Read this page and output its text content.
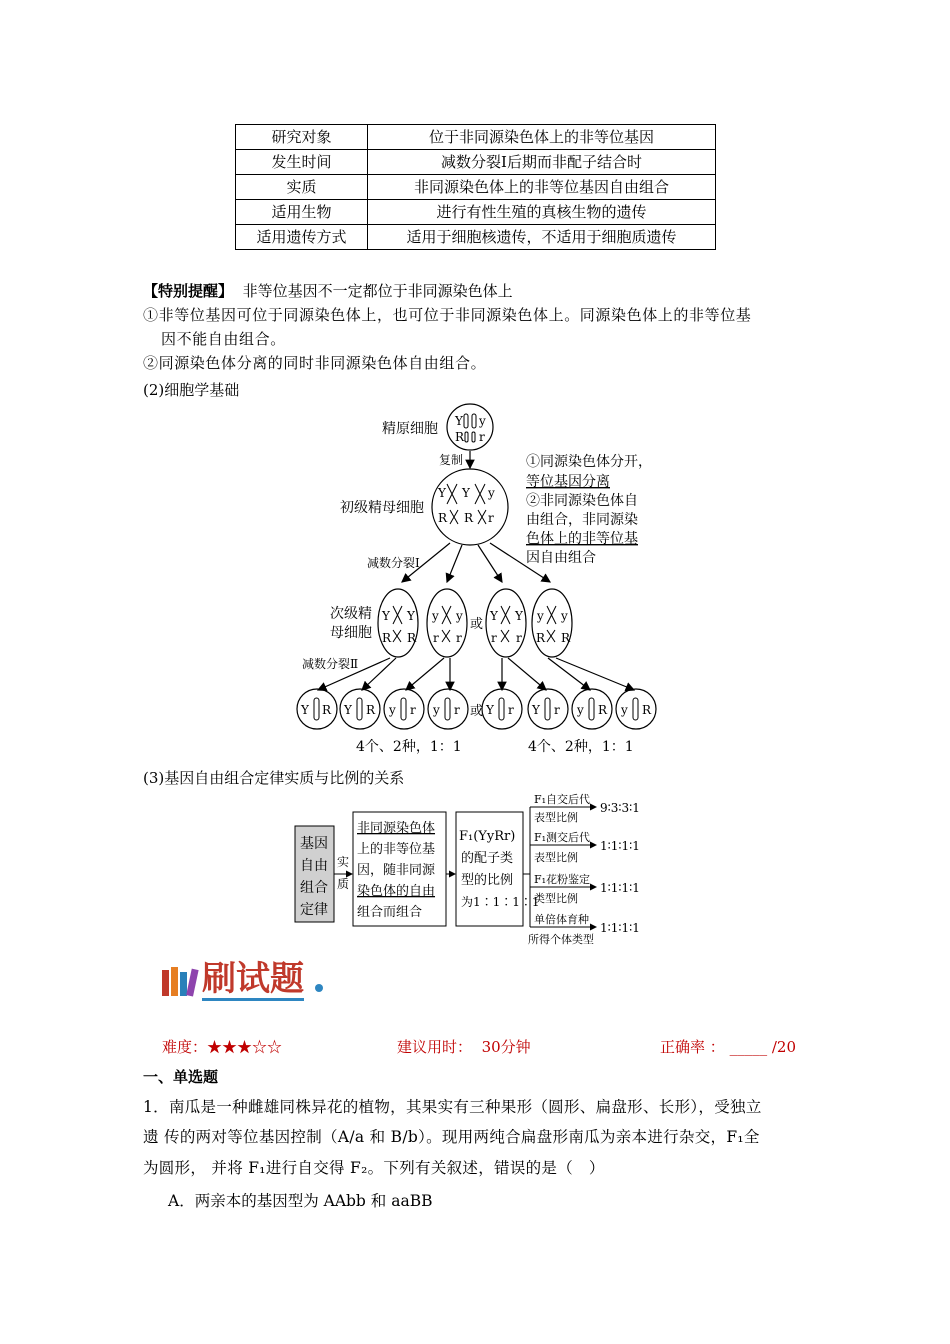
研究对象	位于非同源染色体上的非等位基因
发生时间	减数分裂Ⅰ后期而非配子结合时
实质	非同源染色体上的非等位基因自由组合
适用生物	进行有性生殖的真核生物的遗传
适用遗传方式	适用于细胞核遗传，不适用于细胞质遗传
【特别提醒】 非等位基因不一定都位于非同源染色体上
①非等位基因可位于同源染色体上，也可位于非同源染色体上。同源染色体上的非等位基
因不能自由组合。
②同源染色体分离的同时非同源染色体自由组合。
(2)细胞学基础
Y y
R r
Y Y y
R R r
Y Y
R R
y y
r r
Y Y
r r
y y
R R
Y R Y R y r y r Y r Y r y R y R
精原细胞
复制
初级精母细胞
减数分裂Ⅰ
次级精
母细胞
或
减数分裂Ⅱ
或
4个、2种，1：1	4个、2种，1：1
①同源染色体分开，
等位基因分离
②非同源染色体自
由组合，非同源染
色体上的非等位基
因自由组合
(3)基因自由组合定律实质与比例的关系
基因
自由
组合
定律
实
质
非同源染色体
上的非等位基
因，随非同源
染色体的自由
组合而组合
F₁(YyRr)
的配子类
型的比例
为1∶1∶1∶1
F₁自交后代
表型比例
9∶3∶3∶1
F₁测交后代
表型比例
1∶1∶1∶1
F₁花粉鉴定
类型比例
1∶1∶1∶1
单倍体育种
所得个体类型
1∶1∶1∶1
刷试题
难度：★★★☆☆	建议用时： 30分钟	正确率 ： _____ /20
一、单选题
1．南瓜是一种雌雄同株异花的植物，其果实有三种果形（圆形、扁盘形、长形），受独立
遗 传的两对等位基因控制（A/a 和 B/b）。现用两纯合扁盘形南瓜为亲本进行杂交，F₁全
为圆形， 并将 F₁进行自交得 F₂。下列有关叙述，错误的是（　）
A．两亲本的基因型为 AAbb 和 aaBB
